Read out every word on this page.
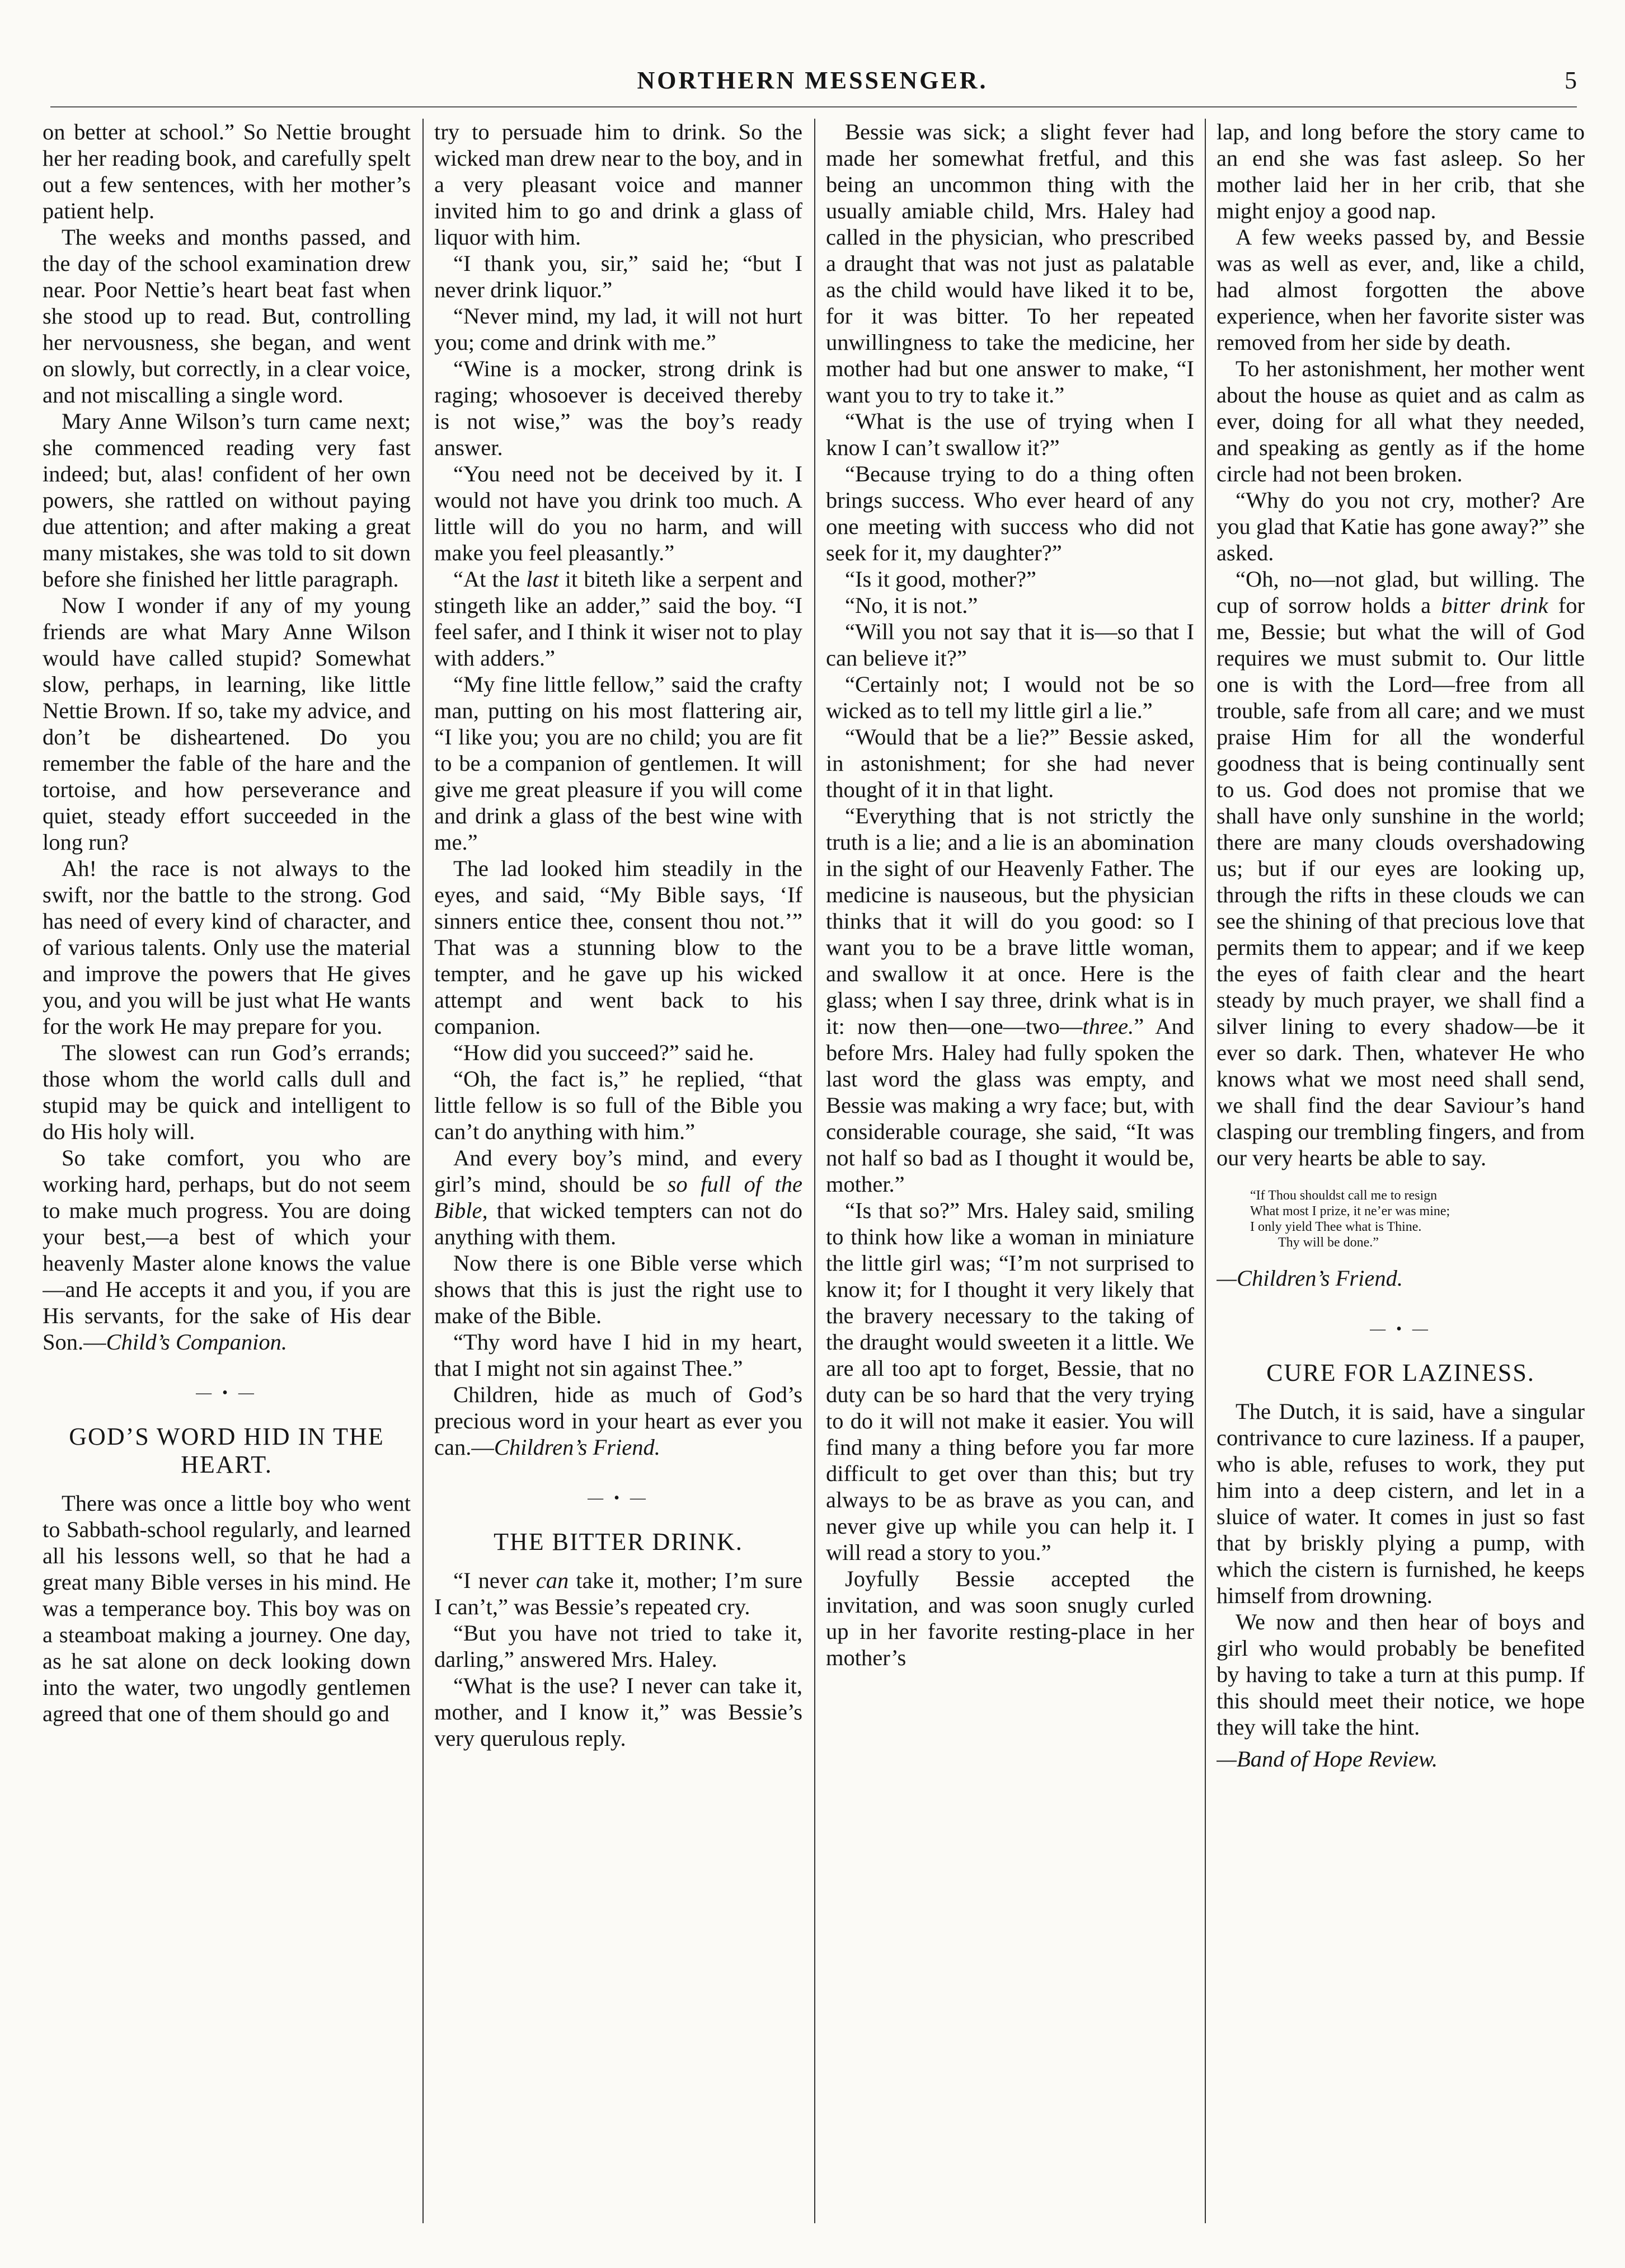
NORTHERN MESSENGER.	5

on better at school.” So Nettie brought her her reading book, and carefully spelt out a few sentences, with her mother’s patient help.

The weeks and months passed, and the day of the school examination drew near. Poor Nettie’s heart beat fast when she stood up to read. But, controlling her nervousness, she began, and went on slowly, but correctly, in a clear voice, and not miscalling a single word.

Mary Anne Wilson’s turn came next; she commenced reading very fast indeed; but, alas! confident of her own powers, she rattled on without paying due attention; and after making a great many mistakes, she was told to sit down before she finished her little paragraph.

Now I wonder if any of my young friends are what Mary Anne Wilson would have called stupid? Somewhat slow, perhaps, in learning, like little Nettie Brown. If so, take my advice, and don’t be disheartened. Do you remember the fable of the hare and the tortoise, and how perseverance and quiet, steady effort succeeded in the long run?

Ah! the race is not always to the swift, nor the battle to the strong. God has need of every kind of character, and of various talents. Only use the material and improve the powers that He gives you, and you will be just what He wants for the work He may prepare for you.

The slowest can run God’s errands; those whom the world calls dull and stupid may be quick and intelligent to do His holy will.

So take comfort, you who are working hard, perhaps, but do not seem to make much progress. You are doing your best,—a best of which your heavenly Master alone knows the value—and He accepts it and you, if you are His servants, for the sake of His dear Son.—Child’s Companion.

— • —
GOD’S WORD HID IN THE HEART.

There was once a little boy who went to Sabbath-school regularly, and learned all his lessons well, so that he had a great many Bible verses in his mind. He was a temperance boy. This boy was on a steamboat making a journey. One day, as he sat alone on deck looking down into the water, two ungodly gentlemen agreed that one of them should go and

try to persuade him to drink. So the wicked man drew near to the boy, and in a very pleasant voice and manner invited him to go and drink a glass of liquor with him.

“I thank you, sir,” said he; “but I never drink liquor.”

“Never mind, my lad, it will not hurt you; come and drink with me.”

“Wine is a mocker, strong drink is raging; whosoever is deceived thereby is not wise,” was the boy’s ready answer.

“You need not be deceived by it. I would not have you drink too much. A little will do you no harm, and will make you feel pleasantly.”

“At the last it biteth like a serpent and stingeth like an adder,” said the boy. “I feel safer, and I think it wiser not to play with adders.”

“My fine little fellow,” said the crafty man, putting on his most flattering air, “I like you; you are no child; you are fit to be a companion of gentlemen. It will give me great pleasure if you will come and drink a glass of the best wine with me.”

The lad looked him steadily in the eyes, and said, “My Bible says, ‘If sinners entice thee, consent thou not.’” That was a stunning blow to the tempter, and he gave up his wicked attempt and went back to his companion.

“How did you succeed?” said he.

“Oh, the fact is,” he replied, “that little fellow is so full of the Bible you can’t do anything with him.”

And every boy’s mind, and every girl’s mind, should be so full of the Bible, that wicked tempters can not do anything with them.

Now there is one Bible verse which shows that this is just the right use to make of the Bible.

“Thy word have I hid in my heart, that I might not sin against Thee.”

Children, hide as much of God’s precious word in your heart as ever you can.—Children’s Friend.

— • —
THE BITTER DRINK.

“I never can take it, mother; I’m sure I can’t,” was Bessie’s repeated cry.

“But you have not tried to take it, darling,” answered Mrs. Haley.

“What is the use? I never can take it, mother, and I know it,” was Bessie’s very querulous reply.

Bessie was sick; a slight fever had made her somewhat fretful, and this being an uncommon thing with the usually amiable child, Mrs. Haley had called in the physician, who prescribed a draught that was not just as palatable as the child would have liked it to be, for it was bitter. To her repeated unwillingness to take the medicine, her mother had but one answer to make, “I want you to try to take it.”

“What is the use of trying when I know I can’t swallow it?”

“Because trying to do a thing often brings success. Who ever heard of any one meeting with success who did not seek for it, my daughter?”

“Is it good, mother?”

“No, it is not.”

“Will you not say that it is—so that I can believe it?”

“Certainly not; I would not be so wicked as to tell my little girl a lie.”

“Would that be a lie?” Bessie asked, in astonishment; for she had never thought of it in that light.

“Everything that is not strictly the truth is a lie; and a lie is an abomination in the sight of our Heavenly Father. The medicine is nauseous, but the physician thinks that it will do you good: so I want you to be a brave little woman, and swallow it at once. Here is the glass; when I say three, drink what is in it: now then—one—two—three.” And before Mrs. Haley had fully spoken the last word the glass was empty, and Bessie was making a wry face; but, with considerable courage, she said, “It was not half so bad as I thought it would be, mother.”

“Is that so?” Mrs. Haley said, smiling to think how like a woman in miniature the little girl was; “I’m not surprised to know it; for I thought it very likely that the bravery necessary to the taking of the draught would sweeten it a little. We are all too apt to forget, Bessie, that no duty can be so hard that the very trying to do it will not make it easier. You will find many a thing before you far more difficult to get over than this; but try always to be as brave as you can, and never give up while you can help it. I will read a story to you.”

Joyfully Bessie accepted the invitation, and was soon snugly curled up in her favorite resting-place in her mother’s

lap, and long before the story came to an end she was fast asleep. So her mother laid her in her crib, that she might enjoy a good nap.

A few weeks passed by, and Bessie was as well as ever, and, like a child, had almost forgotten the above experience, when her favorite sister was removed from her side by death.

To her astonishment, her mother went about the house as quiet and as calm as ever, doing for all what they needed, and speaking as gently as if the home circle had not been broken.

“Why do you not cry, mother? Are you glad that Katie has gone away?” she asked.

“Oh, no—not glad, but willing. The cup of sorrow holds a bitter drink for me, Bessie; but what the will of God requires we must submit to. Our little one is with the Lord—free from all trouble, safe from all care; and we must praise Him for all the wonderful goodness that is being continually sent to us. God does not promise that we shall have only sunshine in the world; there are many clouds overshadowing us; but if our eyes are looking up, through the rifts in these clouds we can see the shining of that precious love that permits them to appear; and if we keep the eyes of faith clear and the heart steady by much prayer, we shall find a silver lining to every shadow—be it ever so dark. Then, whatever He who knows what we most need shall send, we shall find the dear Saviour’s hand clasping our trembling fingers, and from our very hearts be able to say.

“If Thou shouldst call me to resign
What most I prize, it ne’er was mine;
I only yield Thee what is Thine.
Thy will be done.”

—Children’s Friend.

— • —
CURE FOR LAZINESS.

The Dutch, it is said, have a singular contrivance to cure laziness. If a pauper, who is able, refuses to work, they put him into a deep cistern, and let in a sluice of water. It comes in just so fast that by briskly plying a pump, with which the cistern is furnished, he keeps himself from drowning.

We now and then hear of boys and girl who would probably be benefited by having to take a turn at this pump. If this should meet their notice, we hope they will take the hint.

—Band of Hope Review.
